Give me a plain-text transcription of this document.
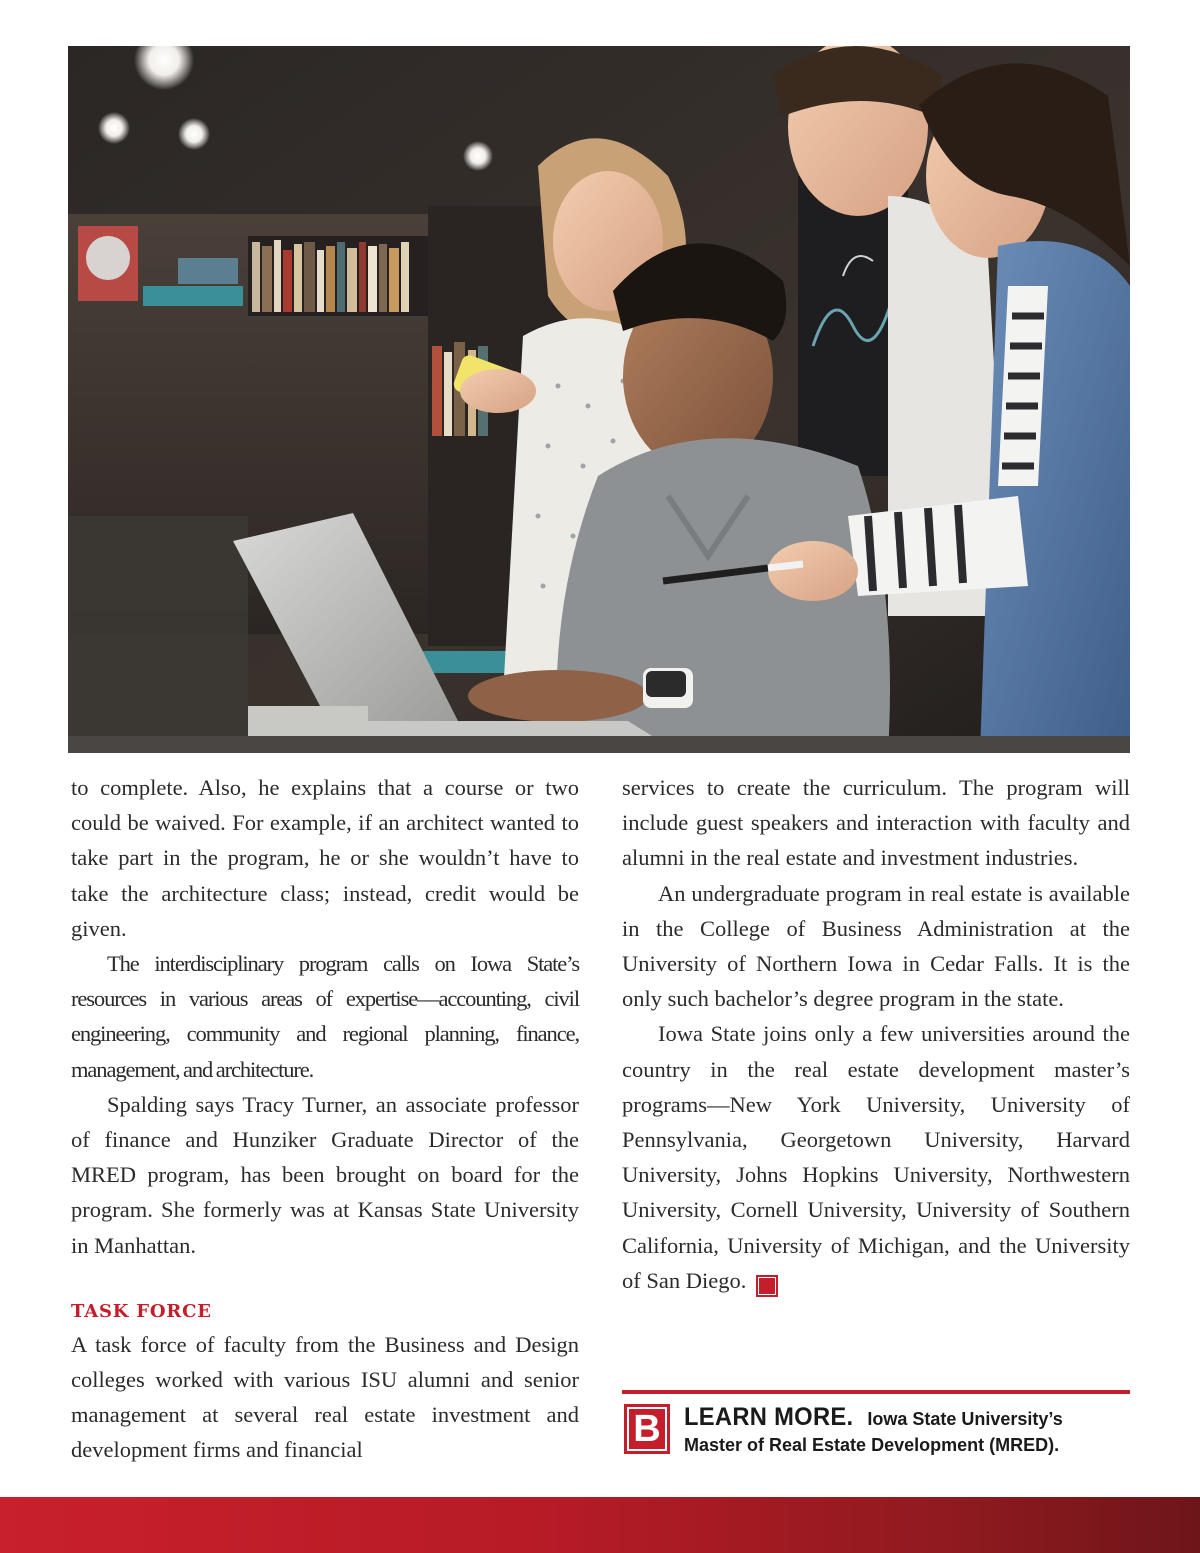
to complete. Also, he explains that a course or two could be waived. For example, if an architect wanted to take part in the program, he or she wouldn’t have to take the architecture class; instead, credit would be given.

The interdisciplinary program calls on Iowa State’s resources in various areas of expertise—accounting, civil engineering, community and regional planning, finance, management, and architecture.

Spalding says Tracy Turner, an associate professor of finance and Hunziker Graduate Director of the MRED program, has been brought on board for the program. She formerly was at Kansas State University in Manhattan.

TASK FORCE

A task force of faculty from the Business and Design colleges worked with various ISU alumni and senior management at several real estate investment and development firms and financial

services to create the curriculum. The program will include guest speakers and interaction with faculty and alumni in the real estate and investment industries.

An undergraduate program in real estate is available in the College of Business Administration at the University of Northern Iowa in Cedar Falls. It is the only such bachelor’s degree program in the state.

Iowa State joins only a few universities around the country in the real estate development master’s programs—New York University, University of Pennsylvania, Georgetown University, Harvard University, Johns Hopkins University, Northwestern University, Cornell University, University of Southern California, University of Michigan, and the University of San Diego.	B

B LEARN MORE. Iowa State University’s
Master of Real Estate Development (MRED).
